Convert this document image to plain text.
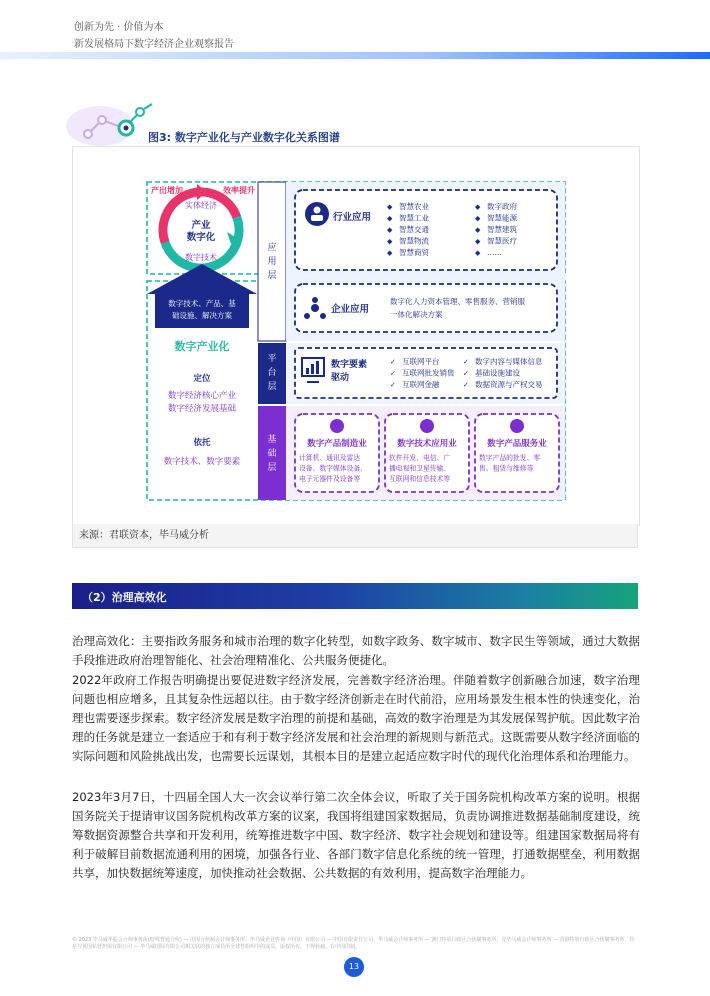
创新为先 · 价值为本
新发展格局下数字经济企业观察报告
图3: 数字产业化与产业数字化关系图谱
产出增加	效率提升
实体经济
数字技术
产业
数字化
数字技术、产品、基
础设施、解决方案
数字产业化
定位
数字经济核心产业
数字经济发展基础
依托
数字技术、数字要素
应
用
层
平
台
层
基
础
层
行业应用
◆ 智慧农业
◆ 智慧工业
◆ 智慧交通
◆ 智慧物流
◆ 智慧商贸
◆ 数字政府
◆ 智慧能源
◆ 智慧建筑
◆ 智慧医疗
◆ ……
企业应用
数字化人力资本管理、零售服务、营销服
一体化解决方案
数字要素
驱动
✓ 互联网平台
✓ 互联网批发销售
✓ 互联网金融
✓ 数字内容与媒体信息
✓ 基础设施建设
✓ 数据资源与产权交易
数字产品制造业
计算机、通讯及雷达
设备、数字媒体设备、
电子元器件及设备等
数字技术应用业
软件开发、电信、广
播电视和卫星传输、
互联网和信息技术等
数字产品服务业
数字产品的批发、零
售、租赁与维修等
来源：君联资本，毕马威分析
（2）治理高效化
治理高效化：主要指政务服务和城市治理的数字化转型，如数字政务、数字城市、数字民生等领域，通过大数据手段推进政府治理智能化、社会治理精准化、公共服务便捷化。
2022年政府工作报告明确提出要促进数字经济发展，完善数字经济治理。伴随着数字创新融合加速，数字治理问题也相应增多，且其复杂性远超以往。由于数字经济创新走在时代前沿，应用场景发生根本性的快速变化，治理也需要逐步探索。数字经济发展是数字治理的前提和基础，高效的数字治理是为其发展保驾护航。因此数字治理的任务就是建立一套适应于和有利于数字经济发展和社会治理的新规则与新范式。这既需要从数字经济面临的实际问题和风险挑战出发，也需要长远谋划，其根本目的是建立起适应数字时代的现代化治理体系和治理能力。
2023年3月7日，十四届全国人大一次会议举行第二次全体会议，听取了关于国务院机构改革方案的说明。根据国务院关于提请审议国务院机构改革方案的议案，我国将组建国家数据局，负责协调推进数据基础制度建设，统筹数据资源整合共享和开发利用，统筹推进数字中国、数字经济、数字社会规划和建设等。组建国家数据局将有利于破解目前数据流通利用的困境，加强各行业、各部门数字信息化系统的统一管理，打通数据壁垒，利用数据共享，加快数据统筹速度，加快推动社会数据、公共数据的有效利用，提高数字治理能力。
© 2023 毕马威华振会计师事务所(特殊普通合伙) — 中国合伙制会计师事务所、毕马威企业咨询（中国）有限公司 — 中国有限责任公司、毕马威会计师事务所 — 澳门特别行政区合伙制事务所，及毕马威会计师事务所 — 香港特别行政区合伙制事务所，均是与英国私营担保有限公司 — 毕马威国际有限公司相关联的独立成员所全球性组织中的成员。版权所有，不得转载。在中国印制。
13
